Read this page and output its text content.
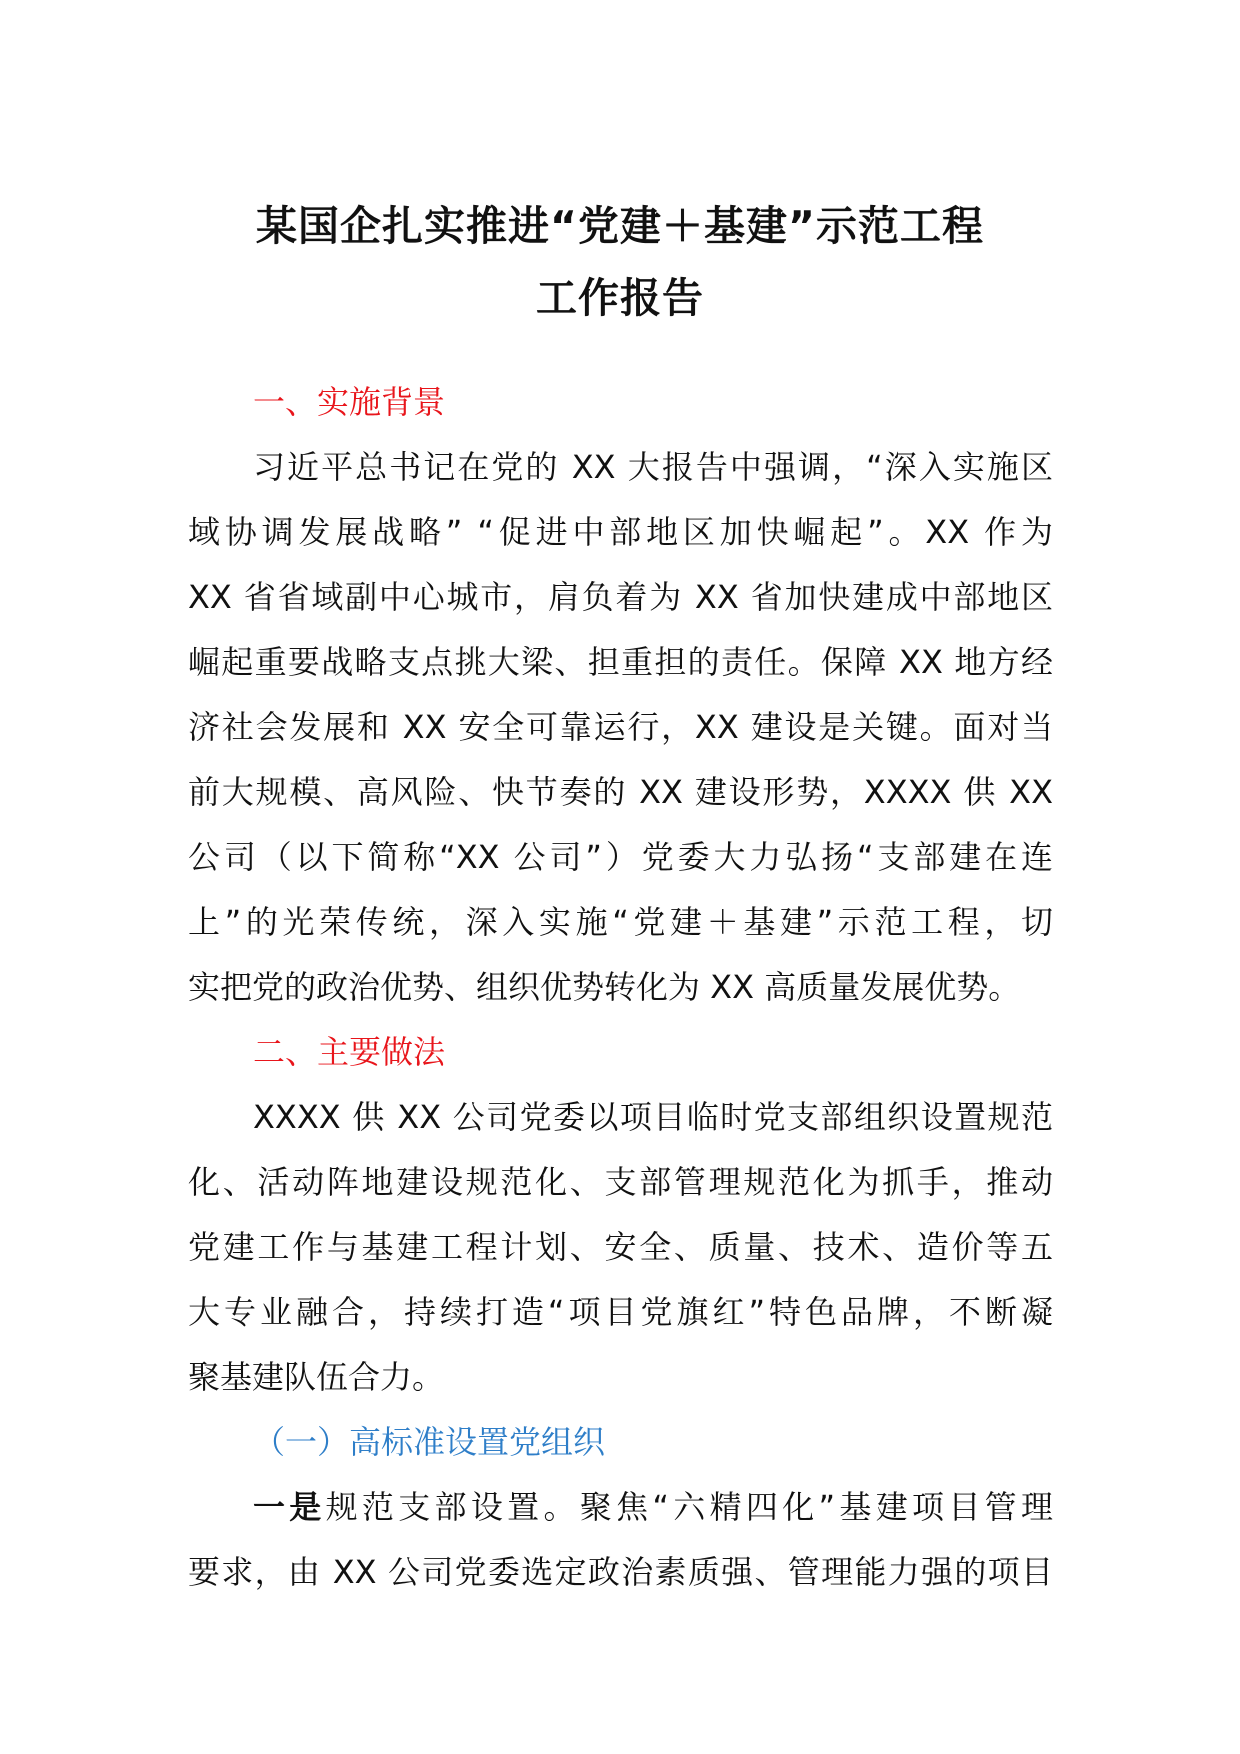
某国企扎实推进“党建＋基建”示范工程
工作报告
一、实施背景
习近平总书记在党的 XX 大报告中强调，“深入实施区
域协调发展战略” “促进中部地区加快崛起”。XX 作为
XX 省省域副中心城市，肩负着为 XX 省加快建成中部地区
崛起重要战略支点挑大梁、担重担的责任。保障 XX 地方经
济社会发展和 XX 安全可靠运行，XX 建设是关键。面对当
前大规模、高风险、快节奏的 XX 建设形势，XXXX 供 XX
公司（以下简称“XX 公司”）党委大力弘扬“支部建在连
上”的光荣传统，深入实施“党建＋基建”示范工程，切
实把党的政治优势、组织优势转化为 XX 高质量发展优势。
二、主要做法
XXXX 供 XX 公司党委以项目临时党支部组织设置规范
化、活动阵地建设规范化、支部管理规范化为抓手，推动
党建工作与基建工程计划、安全、质量、技术、造价等五
大专业融合，持续打造“项目党旗红”特色品牌，不断凝
聚基建队伍合力。
（一）高标准设置党组织
一是规范支部设置。聚焦“六精四化”基建项目管理
要求，由 XX 公司党委选定政治素质强、管理能力强的项目
